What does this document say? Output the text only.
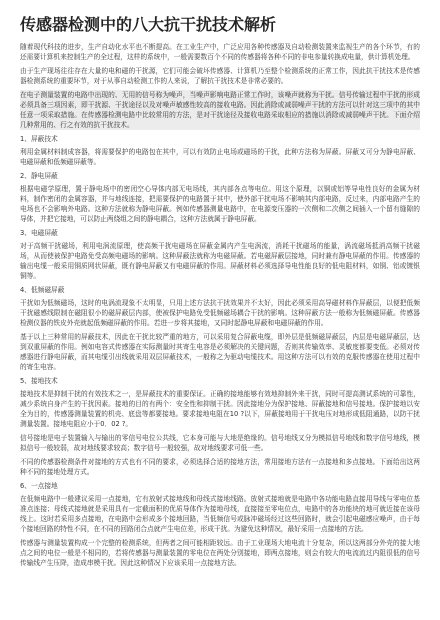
传感器检测中的八大抗干扰技术解析

随着现代科技的进步，生产自动化水平也不断提高。在工业生产中，广泛应用各种传感器及自动检测装置来监视生产的各个环节，有的还需要计算机来控制生产的全过程，这样的系统中，一般需要数百个不同的传感器将各种不同的非电参量转换成电量，供计算机处理。

由于生产现场往往存在大量的电和磁的干扰源，它们可能会破坏传感器、计算机乃至整个检测系统的正常工作，因此抗干扰技术是传感器检测系统的重要环节，对于从事自动检测工作的人来说，了解抗干扰技术是非常必要的。

在电子测量装置的电路中出现的、无用的信号称为噪声，当噪声影响电路正常工作时，该噪声就称为干扰。信号传输过程中干扰的形成必须具备三项因素，即干扰源、干扰途径以及对噪声敏感性较高的接收电路。因此消除或减弱噪声干扰的方法可以针对这三项中的其中任意一项采取措施。在传感器检测电路中比较常用的方法，是对干扰途径及接收电路采取相应的措施以消除或减弱噪声干扰。下面介绍几种常用的、行之有效的抗干扰技术。

1、屏蔽技术

利用金属材料制成容器，将需要保护的电路包在其中，可以有效防止电场或磁场的干扰，此种方法称为屏蔽。屏蔽又可分为静电屏蔽、电磁屏蔽和低频磁屏蔽等。

2、静电屏蔽

根据电磁学原理，置于静电场中的密闭空心导体内部无电场线，其内部各点等电位。用这个原理，以铜或铝等导电性良好的金属为材料，制作密闭的金属容器，并与地线连接，把需要保护的电路置于其中，使外部干扰电场不影响其内部电路，反过来，内部电路产生的电场也不会影响外电路。这种方法就称为静电屏蔽。例如传感器测量电路中，在电源变压器的一次侧和二次侧之间插入一个留有缝隙的导体，并把它接地，可以防止两绕组之间的静电耦合，这种方法就属于静电屏蔽。

3、电磁屏蔽

对于高频干扰磁场，利用电涡流原理，使高频干扰电磁场在屏蔽金属内产生电涡流，消耗干扰磁场的能量，涡流磁场抵消高频干扰磁场，从而使被保护电路免受高频电磁场的影响。这种屏蔽法就称为电磁屏蔽。若电磁屏蔽层接地，同时兼有静电屏蔽的作用。传感器的输出电缆一般采用铜质网状屏蔽，既有静电屏蔽又有电磁屏蔽的作用。屏蔽材料必须选择导电性能良好的低电阻材料，如铜、铝或镀银铜等。

4、低频磁屏蔽

干扰如为低频磁场，这时的电涡流现象不太明显，只用上述方法抗干扰效果并不太好，因此必须采用高导磁材料作屏蔽层，以便把低频干扰磁感线限制在磁阻很小的磁屏蔽层内部，使被保护电路免受低频磁场耦合干扰的影响。这种屏蔽方法一般称为低频磁屏蔽。传感器检测仪器的铁皮外壳就起低频磁屏蔽的作用。若进一步将其接地，又同时起静电屏蔽和电磁屏蔽的作用。

基于以上三种常用的屏蔽技术，因此在干扰比较严重的地方，可以采用复合屏蔽电缆，即外层是低频磁屏蔽层，内层是电磁屏蔽层，达到双重屏蔽的作用。例如电容式传感器在实际测量时其寄生电容是必须解决的关键问题，否则其传输效率、灵敏度都要变低。必须对传感器进行静电屏蔽，而其电缆引出线就采用双层屏蔽技术，一般称之为驱动电缆技术。用这种方法可以有效的克服传感器在使用过程中的寄生电容。

5、接地技术

接地技术是抑制干扰的有效技术之一，是屏蔽技术的重要保证。正确的接地能够有效地抑制外来干扰，同时可提高测试系统的可靠性，减少系统自身产生的干扰因素。接地的目的有两个：安全性和抑制干扰。因此接地分为保护接地、屏蔽接地和信号接地。保护接地以安全为目的，传感器测量装置的机壳、底盘等都要接地。要求接地电阻在10 ?以下，屏蔽接地用于干扰电压对地形成低阻通路，以防干扰测量装置。接地电阻应小于0．02 ?。

信号接地是电子装置输入与输出的零信号电位公共线，它本身可能与大地是绝缘的。信号地线又分为模拟信号地线和数字信号地线，模拟信号一般较弱，故对地线要求较高；数字信号一般较强，故对地线要求可低一些。

不同的传感器检测条件对接地的方式也有不同的要求，必须选择合适的接地方法，常用接地方法有一点接地和多点接地。下面给出这两种不同的接地处理方式。

6、一点接地

在低频电路中一般建议采用一点接地，它有放射式接地线和母线式接地线路。放射式接地就是电路中各功能电路直接用导线与零电位基准点连接；母线式接地就是采用具有一定截面积的优质导体作为接地母线，直接接至零电位点，电路中的各功能块的地可就近接在该母线上。这时若采用多点接地，在电路中会形成多个接地回路，当低频信号或脉冲磁场经过这些回路时，就会引起电磁感应噪声，由于每个接地回路的特性不同，在不同的回路闭合点就产生电位差，形成干扰。为避免这种情况，最好采用一点接地的方法。

传感器与测量装置构成一个完整的检测系统，但两者之间可能相距较远。由于工业现场大地电流十分复杂，所以这两部分外壳的接大地点之间的电位一般是不相同的，若将传感器与测量装置的零电位在两处分别接地，即两点接地，则会有较大的电流流过内阻很低的信号传输线产生压降，造成串模干扰。因此这种情况下应该采用一点接地方法。
